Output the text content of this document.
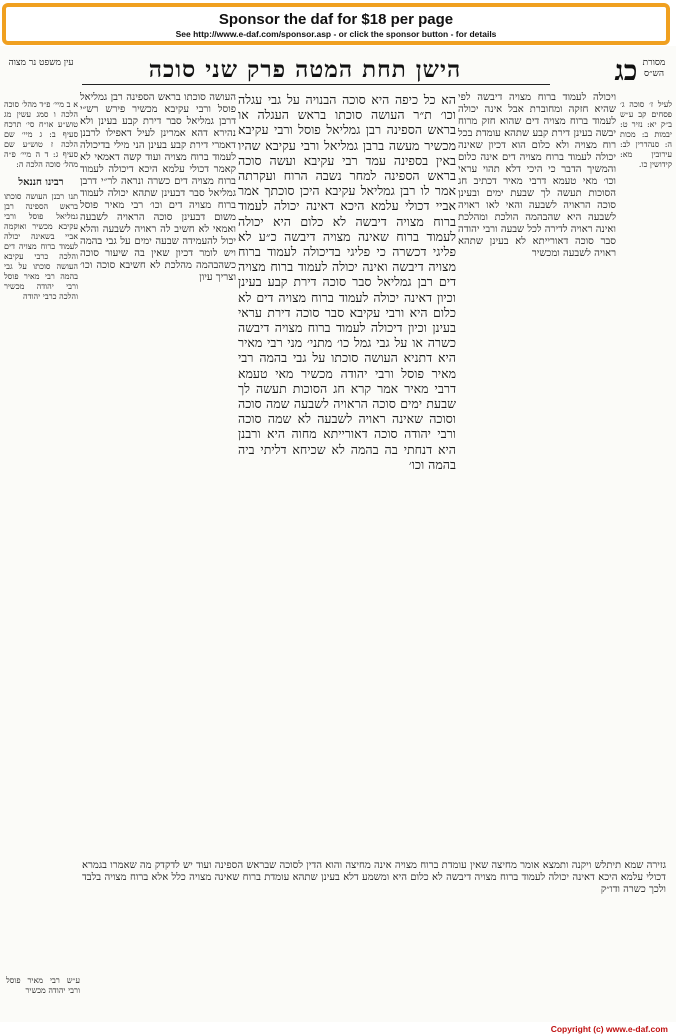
Sponsor the daf for $18 per page
See http://www.e-daf.com/sponsor.asp - or click the sponsor button - for details
מסורת הש״ס
כג
הישן תחת המטה פרק שני סוכה
עין משפט נר מצוה
הא כל כיפה היא סוכה הבנויה על גבי עגלה וכו׳ ת״ר העושה סוכתו בראש העגלה או בראש הספינה רבן גמליאל פוסל ורבי עקיבא מכשיר מעשה ברבן גמליאל ורבי עקיבא שהיו באין בספינה עמד רבי עקיבא ועשה סוכה בראש הספינה למחר נשבה הרוח ועקרתה אמר לו רבן גמליאל עקיבא היכן סוכתך אמר אביי דכולי עלמא היכא דאינה יכולה לעמוד ברוח מצויה דיבשה לא כלום היא יכולה לעמוד ברוח שאינה מצויה דיבשה כ״ע לא פליגי דכשרה כי פליגי בדיכולה לעמוד ברוח מצויה דיבשה ואינה יכולה לעמוד ברוח מצויה דים רבן גמליאל סבר סוכה דירת קבע בעינן וכיון דאינה יכולה לעמוד ברוח מצויה דים לא כלום היא ורבי עקיבא סבר סוכה דירת עראי בעינן וכיון דיכולה לעמוד ברוח מצויה דיבשה כשרה או על גבי גמל כו׳ מתני׳ מני רבי מאיר היא דתניא העושה סוכתו על גבי בהמה רבי מאיר פוסל ורבי יהודה מכשיר מאי טעמא דרבי מאיר אמר קרא חג הסוכות תעשה לך שבעת ימים סוכה הראויה לשבעה שמה סוכה וסוכה שאינה ראויה לשבעה לא שמה סוכה ורבי יהודה סוכה דאורייתא מחוה היא ורבנן היא דנחתי בה בהמה לא שכיחא דליתי ביה בהמה וכו׳
ויכולה לעמוד ברוח מצויה דיבשה לפי שהיא חזקה ומחוברת אבל אינה יכולה לעמוד ברוח מצויה דים שהוא חזק מרוח יבשה בעינן דירת קבע שתהא עומדת בכל רוח מצויה ולא כלום הוא דכיון שאינה יכולה לעמוד ברוח מצויה דים אינה כלום והמשיך הדבר כי היכי דלא תהוי עראי וכו׳ מאי טעמא דרבי מאיר דכתיב חג הסוכות תעשה לך שבעת ימים ובעינן סוכה הראויה לשבעה והאי לאו ראויה לשבעה היא שהבהמה הולכת ומהלכת ואינה ראויה לדירה לכל שבעה ורבי יהודה סבר סוכה דאורייתא לא בעינן שתהא ראויה לשבעה ומכשיר
העושה סוכתו בראש הספינה רבן גמליאל פוסל ורבי עקיבא מכשיר פירש רש״י דרבן גמליאל סבר דירת קבע בעינן ולא נהירא דהא אמרינן לעיל דאפילו לרבנן דאמרי דירת קבע בעינן הני מילי בדיכולה לעמוד ברוח מצויה ועוד קשה דאמאי לא קאמר דכולי עלמא היכא דיכולה לעמוד ברוח מצויה דים כשרה ונראה לר״י דרבן גמליאל סבר דבעינן שתהא יכולה לעמוד ברוח מצויה דים וכו׳ רבי מאיר פוסל משום דבעינן סוכה הראויה לשבעה ואמאי לא חשיב לה ראויה לשבעה והלא יכול להעמידה שבעה ימים על גבי בהמה ויש לומר דכיון שאין בה שיעור סוכה כשהבהמה מהלכת לא חשיבא סוכה וכו׳ וצריך עיון
לעיל ז׳ סוכה ג׳ פסחים קב ע״ש ב״ק יא: נזיר ט: יבמות ב: מכות ה: סנהדרין לב: עירובין מא: קידושין כו.
א ב מיי׳ פ״ד מהל׳ סוכה הלכה ו סמג עשין מג טוש״ע או״ח סי׳ תרכח סעיף ב: ג מיי׳ שם הלכה ז טוש״ע שם סעיף ג: ד ה מיי׳ פ״ה מהל׳ סוכה הלכה ה:
רבינו חננאל
תנו רבנן העושה סוכתו בראש הספינה רבן גמליאל פוסל ורבי עקיבא מכשיר ואוקמה אביי בשאינה יכולה לעמוד ברוח מצויה דים והלכה כרבי עקיבא העושה סוכתו על גבי בהמה רבי מאיר פוסל ורבי יהודה מכשיר והלכה כרבי יהודה
גזירה שמא תיתלש ויקנה ותמצא אומר מחיצה שאין עומדת ברוח מצויה אינה מחיצה והוא הדין לסוכה שבראש הספינה ועוד יש לדקדק מה שאמרו בגמרא דכולי עלמא היכא דאינה יכולה לעמוד ברוח מצויה דיבשה לא כלום היא ומשמע דלא בעינן שתהא עומדת ברוח שאינה מצויה כלל אלא ברוח מצויה בלבד ולכך כשרה ודו״ק
ע״ש רבי מאיר פוסל ורבי יהודה מכשיר
Copyright (c) www.e-daf.com
